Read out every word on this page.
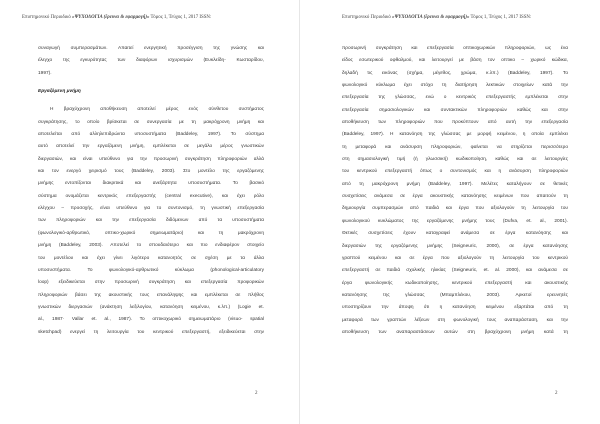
Επιστημονικό Περιοδικό «ΨΥΧΟΛΟΓΙΑ (έρευνα & εφαρμογή)» Τόμος 1, Τεύχος 1, 2017 ISSN:
συναγωγή συμπερασμάτων. Απαιτεί ενεργητική προσέγγιση της γνώσης και
έλεγχο της εγκυρότητας των διαφόρων ισχυρισμών (Ευκλείδη- Κωσταρίδου,
1997).
Εργαζόμενη μνήμη
Η βραχύχρονη αποθήκευση αποτελεί μέρος ενός σύνθετου συστήματος
συγκράτησης, το οποίο βρίσκεται σε συνεργασία με τη μακρόχρονη μνήμη και
αποτελείται από αλληλεπιδρώντα υποσυστήματα (Baddeley, 1997). Το σύστημα
αυτό αποτελεί την εργαζόμενη μνήμη, εμπλέκεται σε μεγάλο μέρος γνωστικών
διεργασιών, και είναι υπεύθυνο για την προσωρινή συγκράτηση πληροφοριών αλλά
και τον ενεργό χειρισμό τους (Baddeley, 2003). Στο μοντέλο της εργαζόμενης
μνήμης εντοπίζονται διακριτικά και ανεξάρτητα υποσυστήματα. Το βασικό
σύστημα ονομάζεται κεντρικός επεξεργαστής (central executive), και έχει ρόλο
ελέγχου – προσοχής, είναι υπεύθυνο για το συντονισμό, τη γνωστική επεξεργασία
των πληροφοριών και την επεξεργασία διδόμενων από τα υποσυστήματα
(φωνολογικό-αρθρωτικό, οπτικο-χωρικό σημειωματάριο) και τη μακρόχρονη
μνήμη (Baddeley, 2003). Αποτελεί το σπουδαιότερο και πιο ενδιαφέρον στοιχείο
του μοντέλου και έχει γίνει λιγότερο κατανοητός σε σχέση με τα άλλα
υποσυστήματα. Το φωνολογικό-αρθρωτικό κύκλωμα (phonological-articulatory
loop) εξειδικεύεται στην προσωρινή συγκράτηση και επεξεργασία προφορικών
πληροφοριών βάσει της ακουστικής τους επανάληψης και εμπλέκεται σε πλήθος
γνωστικών διεργασιών (ανάκτηση λεξιλογίου, κατανόηση κειμένου, κ.λπ.) (Logie et.
al., 1987· Vallar et. al., 1987). Το οπτικοχωρικό σημειωματάριο (visuo- spatial
sketchpad) ενεργεί τη λειτουργία του κεντρικού επεξεργαστή, εξειδικεύεται στην
2
Επιστημονικό Περιοδικό «ΨΥΧΟΛΟΓΙΑ (έρευνα & εφαρμογή)» Τόμος 1, Τεύχος 1, 2017 ISSN:
προσωρινή συγκράτηση και επεξεργασία οπτικοχωρικών πληροφοριών, ως ένα
είδος εσωτερικού οφθαλμού, και λειτουργεί με βάση τον οπτικο – χωρικό κώδικα,
δηλαδή τις εικόνας (σχήμα, μέγεθος, χρώμα, κ.λπ.) (Baddeley, 1997). Το
φωνολογικό κύκλωμα έχει στόχο τη διατήρηση λεκτικών στοιχείων κατά την
επεξεργασία της γλώσσας, ενώ ο κεντρικός επεξεργαστής εμπλέκεται στην
επεξεργασία σημασιολογικών και συντακτικών πληροφοριών καθώς και στην
αποθήκευση των πληροφοριών που προκύπτουν από αυτή την επεξεργασία
(Baddeley, 1997). Η κατανόηση της γλώσσας με μορφή κειμένου, η οποία εμπλέκει
τη μεταφορά και ανάσυρση πληροφοριών, φαίνεται να στηρίζεται περισσότερο
στη σημασιολογική τιμή (ή γλωσσική) κωδικοποίηση, καθώς και σε λειτουργίες
του κεντρικού επεξεργαστή όπως ο συντονισμός και η ανάσυρση πληροφοριών
από τη μακρόχρονη μνήμη (Baddeley, 1997). Μελέτες καταλήγουν σε θετικές
συσχετίσεις ανάμεσα σε έργα ακουστικής κατανόησης κειμένων που απαιτούν τη
δημιουργία συμπερασμών από παιδιά και έργα που αξιολογούν τη λειτουργία του
φωνολογικού κυκλώματος της εργαζόμενης μνήμης τους (Dufva, et. al., 2001).
Θετικές συσχετίσεις έχουν καταγραφεί ανάμεσα σε έργα κατανόησης και
διεργασιών της εργαζόμενης μνήμης (Seigneuric, 2000), σε έργα κατανόησης
γραπτού κειμένου και σε έργα που αξιολογούν τη λειτουργία του κεντρικού
επεξεργαστή σε παιδιά σχολικής ηλικίας (Seigneuric, et. al. 2000), και ανάμεσα σε
έργα φωνολογικής κωδικοποίησης, κεντρικού επεξεργαστή και ακουστικής
κατανόησης της γλώσσας (Μπαμπλέκου, 2003). Αρκετοί ερευνητές
υποστηρίζουν την άποψη ότι η κατανόηση κειμένου εξαρτάται από τη
μεταφορά των γραπτών λέξεων στη φωνολογική τους αναπαράσταση, και την
αποθήκευση των αναπαραστάσεων αυτών στη βραχύχρονη μνήμη κατά τη
2
